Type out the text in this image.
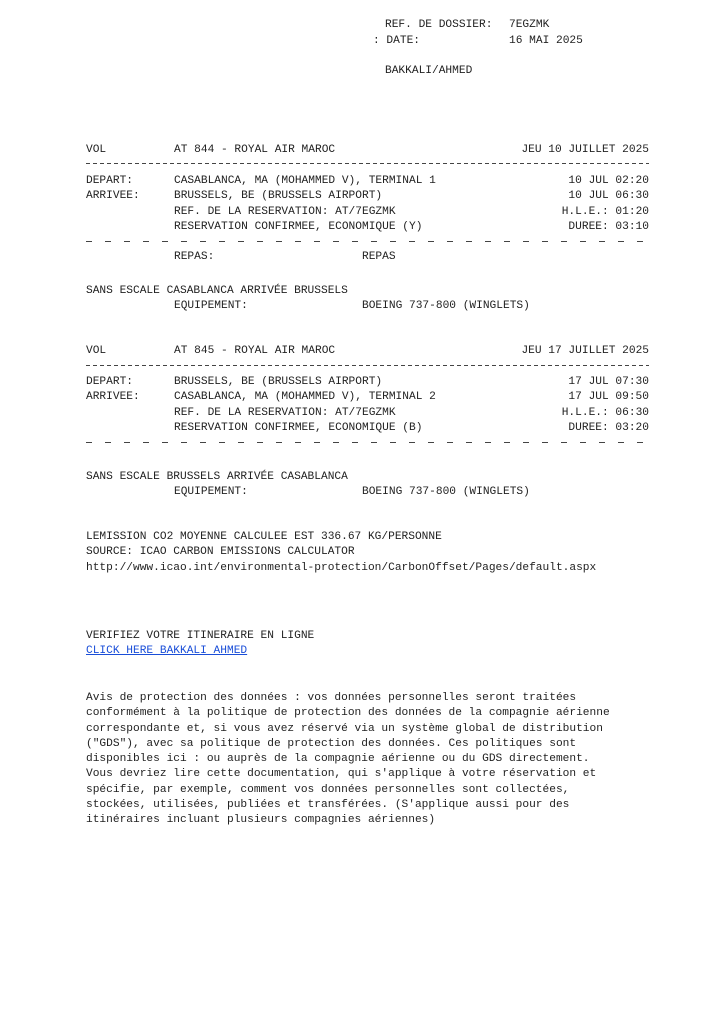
REF. DE DOSSIER: 7EGZMK
: DATE:	16 MAI 2025
BAKKALI/AHMED
VOL	AT 844 - ROYAL AIR MAROC	JEU 10 JUILLET 2025
DEPART:	CASABLANCA, MA (MOHAMMED V), TERMINAL 1	10 JUL 02:20
ARRIVEE:	BRUSSELS, BE (BRUSSELS AIRPORT)	10 JUL 06:30
REF. DE LA RESERVATION: AT/7EGZMK	H.L.E.: 01:20
RESERVATION CONFIRMEE, ECONOMIQUE (Y)	DUREE: 03:10
REPAS:	REPAS
SANS ESCALE CASABLANCA ARRIVÉE BRUSSELS
EQUIPEMENT:	BOEING 737-800 (WINGLETS)
VOL	AT 845 - ROYAL AIR MAROC	JEU 17 JUILLET 2025
DEPART:	BRUSSELS, BE (BRUSSELS AIRPORT)	17 JUL 07:30
ARRIVEE:	CASABLANCA, MA (MOHAMMED V), TERMINAL 2	17 JUL 09:50
REF. DE LA RESERVATION: AT/7EGZMK	H.L.E.: 06:30
RESERVATION CONFIRMEE, ECONOMIQUE (B)	DUREE: 03:20
SANS ESCALE BRUSSELS ARRIVÉE CASABLANCA
EQUIPEMENT:	BOEING 737-800 (WINGLETS)
LEMISSION CO2 MOYENNE CALCULEE EST 336.67 KG/PERSONNE
SOURCE: ICAO CARBON EMISSIONS CALCULATOR
http://www.icao.int/environmental-protection/CarbonOffset/Pages/default.aspx
VERIFIEZ VOTRE ITINERAIRE EN LIGNE
CLICK HERE BAKKALI AHMED
Avis de protection des données : vos données personnelles seront traitées
conformément à la politique de protection des données de la compagnie aérienne
correspondante et, si vous avez réservé via un système global de distribution
("GDS"), avec sa politique de protection des données. Ces politiques sont
disponibles ici : ou auprès de la compagnie aérienne ou du GDS directement.
Vous devriez lire cette documentation, qui s'applique à votre réservation et
spécifie, par exemple, comment vos données personnelles sont collectées,
stockées, utilisées, publiées et transférées. (S'applique aussi pour des
itinéraires incluant plusieurs compagnies aériennes)
